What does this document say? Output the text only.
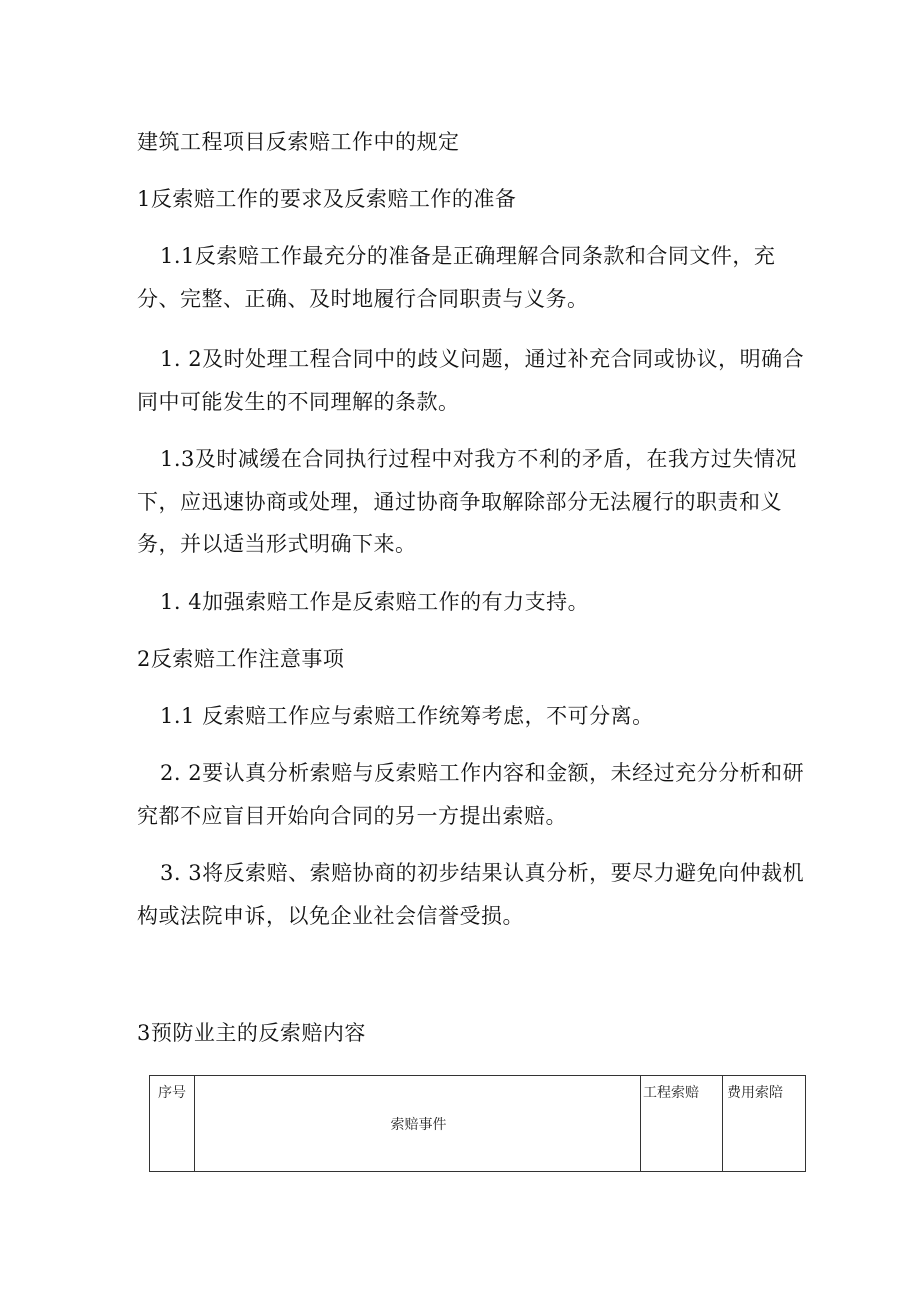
建筑工程项目反索赔工作中的规定
1反索赔工作的要求及反索赔工作的准备
1.1反索赔工作最充分的准备是正确理解合同条款和合同文件，充
分、完整、正确、及时地履行合同职责与义务。
1. 2及时处理工程合同中的歧义问题，通过补充合同或协议，明确合
同中可能发生的不同理解的条款。
1.3及时减缓在合同执行过程中对我方不利的矛盾，在我方过失情况
下，应迅速协商或处理，通过协商争取解除部分无法履行的职责和义
务，并以适当形式明确下来。
1. 4加强索赔工作是反索赔工作的有力支持。
2反索赔工作注意事项
1.1 反索赔工作应与索赔工作统筹考虑，不可分离。
2. 2要认真分析索赔与反索赔工作内容和金额，未经过充分分析和研
究都不应盲目开始向合同的另一方提出索赔。
3. 3将反索赔、索赔协商的初步结果认真分析，要尽力避免向仲裁机
构或法院申诉，以免企业社会信誉受损。
3预防业主的反索赔内容
序号	索赔事件	工程索赔	费用索陪
